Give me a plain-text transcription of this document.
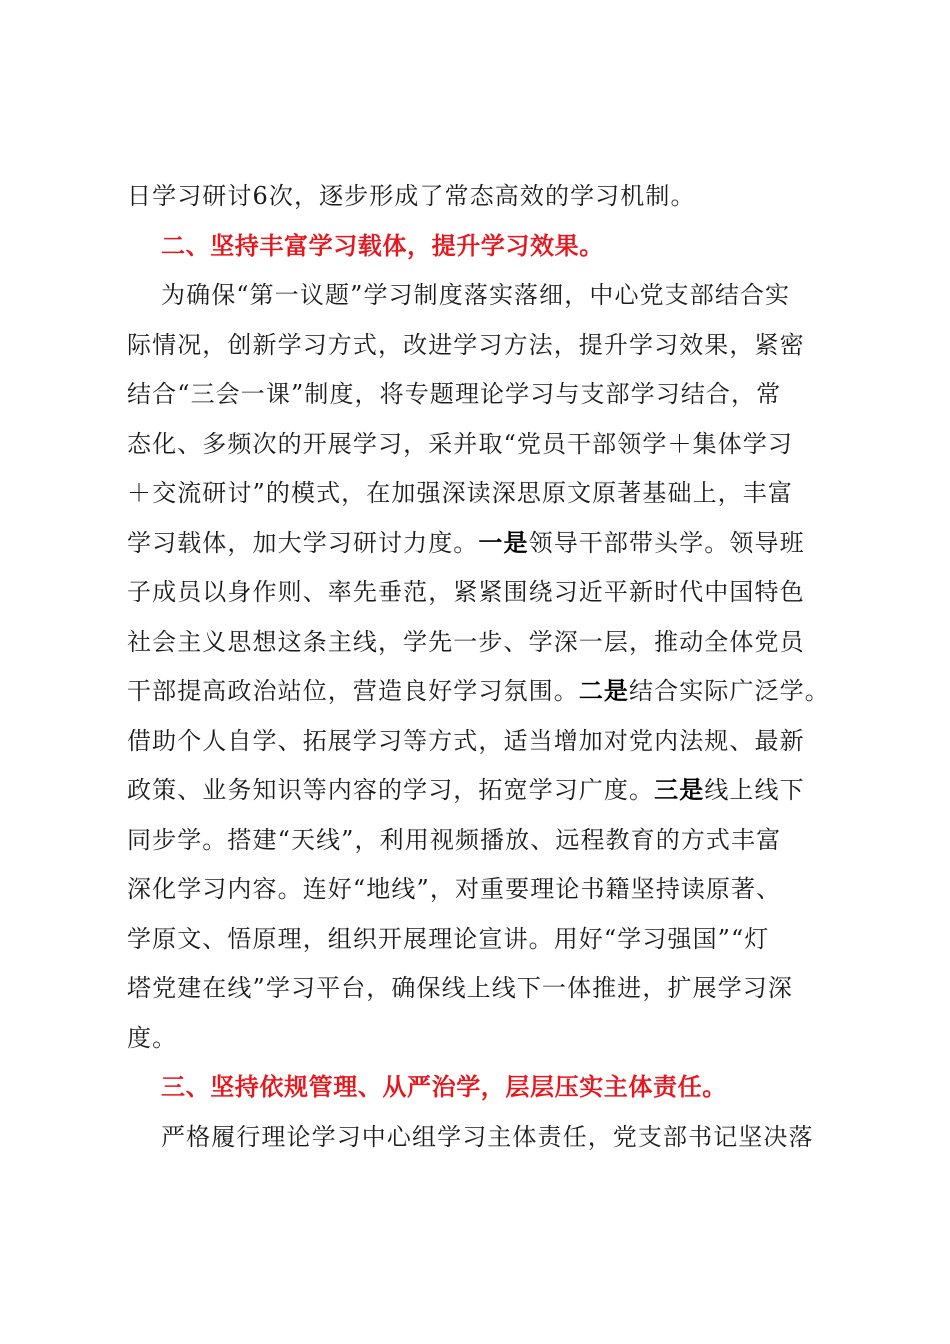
日学习研讨6次，逐步形成了常态高效的学习机制。
二、坚持丰富学习载体，提升学习效果。
为确保“第一议题”学习制度落实落细，中心党支部结合实
际情况，创新学习方式，改进学习方法，提升学习效果，紧密
结合“三会一课”制度，将专题理论学习与支部学习结合，常
态化、多频次的开展学习，采并取“党员干部领学＋集体学习
＋交流研讨”的模式，在加强深读深思原文原著基础上，丰富
学习载体，加大学习研讨力度。一是领导干部带头学。领导班
子成员以身作则、率先垂范，紧紧围绕习近平新时代中国特色
社会主义思想这条主线，学先一步、学深一层，推动全体党员
干部提高政治站位，营造良好学习氛围。二是结合实际广泛学。
借助个人自学、拓展学习等方式，适当增加对党内法规、最新
政策、业务知识等内容的学习，拓宽学习广度。三是线上线下
同步学。搭建“天线”，利用视频播放、远程教育的方式丰富
深化学习内容。连好“地线”，对重要理论书籍坚持读原著、
学原文、悟原理，组织开展理论宣讲。用好“学习强国”“灯
塔党建在线”学习平台，确保线上线下一体推进，扩展学习深
度。
三、坚持依规管理、从严治学，层层压实主体责任。
严格履行理论学习中心组学习主体责任，党支部书记坚决落
